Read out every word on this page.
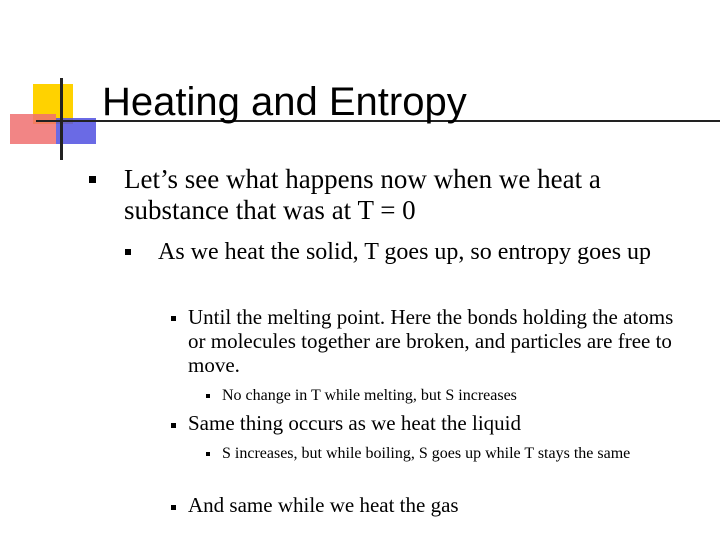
Heating and Entropy
Let’s see what happens now when we heat a substance that was at T = 0
As we heat the solid, T goes up, so entropy goes up
Until the melting point. Here the bonds holding the atoms or molecules together are broken, and particles are free to move.
No change in T while melting, but S increases
Same thing occurs as we heat the liquid
S increases, but while boiling, S goes up while T stays the same
And same while we heat the gas
